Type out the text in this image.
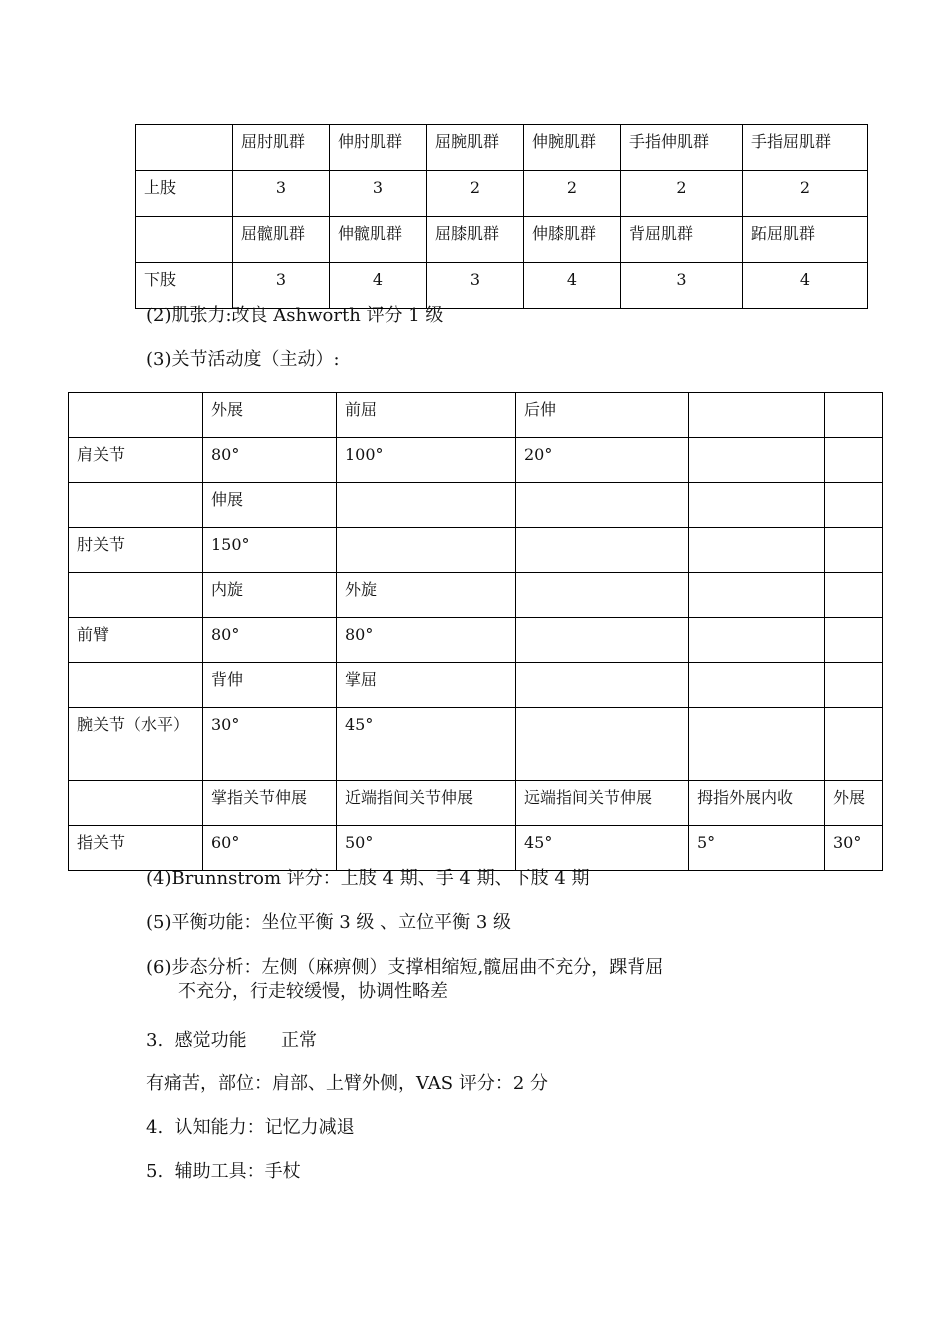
	屈肘肌群	伸肘肌群	屈腕肌群	伸腕肌群	手指伸肌群	手指屈肌群
上肢	3	3	2	2	2	2
	屈髋肌群	伸髋肌群	屈膝肌群	伸膝肌群	背屈肌群	跖屈肌群
下肢	3	4	3	4	3	4
(2)肌张力:改良 Ashworth 评分 1 级
(3)关节活动度（主动）:
	外展	前屈	后伸		
肩关节	80°	100°	20°		
	伸展				
肘关节	150°				
	内旋	外旋			
前臂	80°	80°			
	背伸	掌屈			
腕关节（水平）	30°	45°			
	掌指关节伸展	近端指间关节伸展	远端指间关节伸展	拇指外展内收	外展
指关节	60°	50°	45°	5°	30°
(4)Brunnstrom 评分：上肢 4 期、手 4 期、下肢 4 期
(5)平衡功能：坐位平衡 3 级 、立位平衡 3 级
(6)步态分析：左侧（麻痹侧）支撑相缩短,髋屈曲不充分，踝背屈
不充分，行走较缓慢，协调性略差
3.  感觉功能      正常
有痛苦，部位：肩部、上臂外侧，VAS 评分：2 分
4.  认知能力：记忆力减退
5.  辅助工具：手杖
